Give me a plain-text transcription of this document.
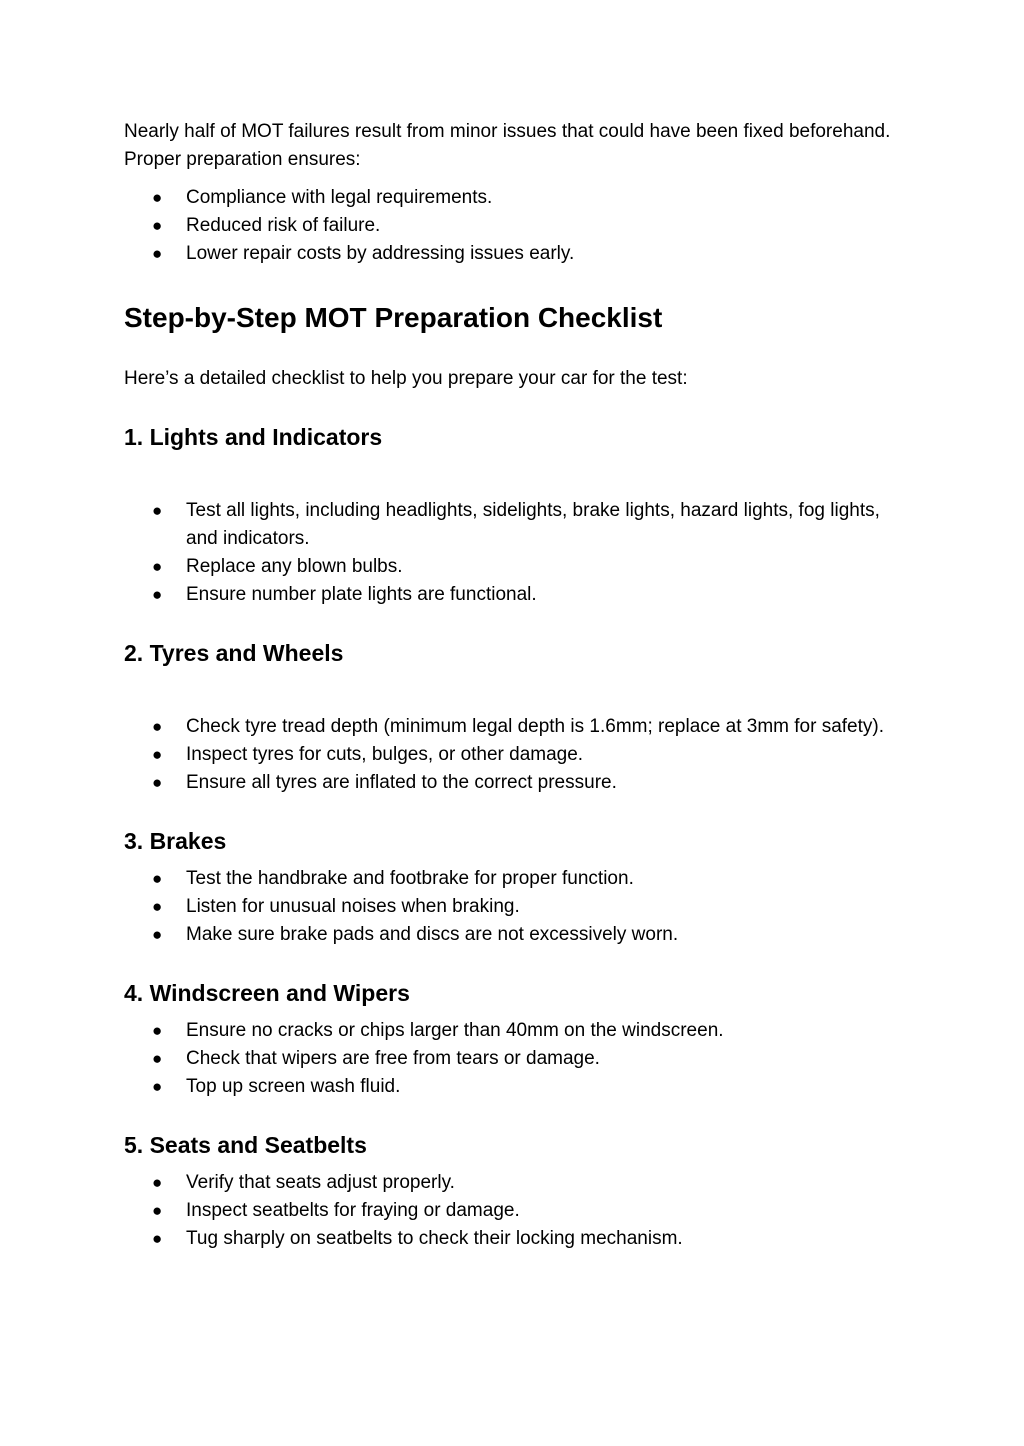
Nearly half of MOT failures result from minor issues that could have been fixed beforehand. Proper preparation ensures:

● Compliance with legal requirements.
● Reduced risk of failure.
● Lower repair costs by addressing issues early.
Step-by-Step MOT Preparation Checklist

Here’s a detailed checklist to help you prepare your car for the test:

1. Lights and Indicators
● Test all lights, including headlights, sidelights, brake lights, hazard lights, fog lights, and indicators.
● Replace any blown bulbs.
● Ensure number plate lights are functional.
2. Tyres and Wheels
● Check tyre tread depth (minimum legal depth is 1.6mm; replace at 3mm for safety).
● Inspect tyres for cuts, bulges, or other damage.
● Ensure all tyres are inflated to the correct pressure.
3. Brakes
● Test the handbrake and footbrake for proper function.
● Listen for unusual noises when braking.
● Make sure brake pads and discs are not excessively worn.
4. Windscreen and Wipers
● Ensure no cracks or chips larger than 40mm on the windscreen.
● Check that wipers are free from tears or damage.
● Top up screen wash fluid.
5. Seats and Seatbelts
● Verify that seats adjust properly.
● Inspect seatbelts for fraying or damage.
● Tug sharply on seatbelts to check their locking mechanism.
